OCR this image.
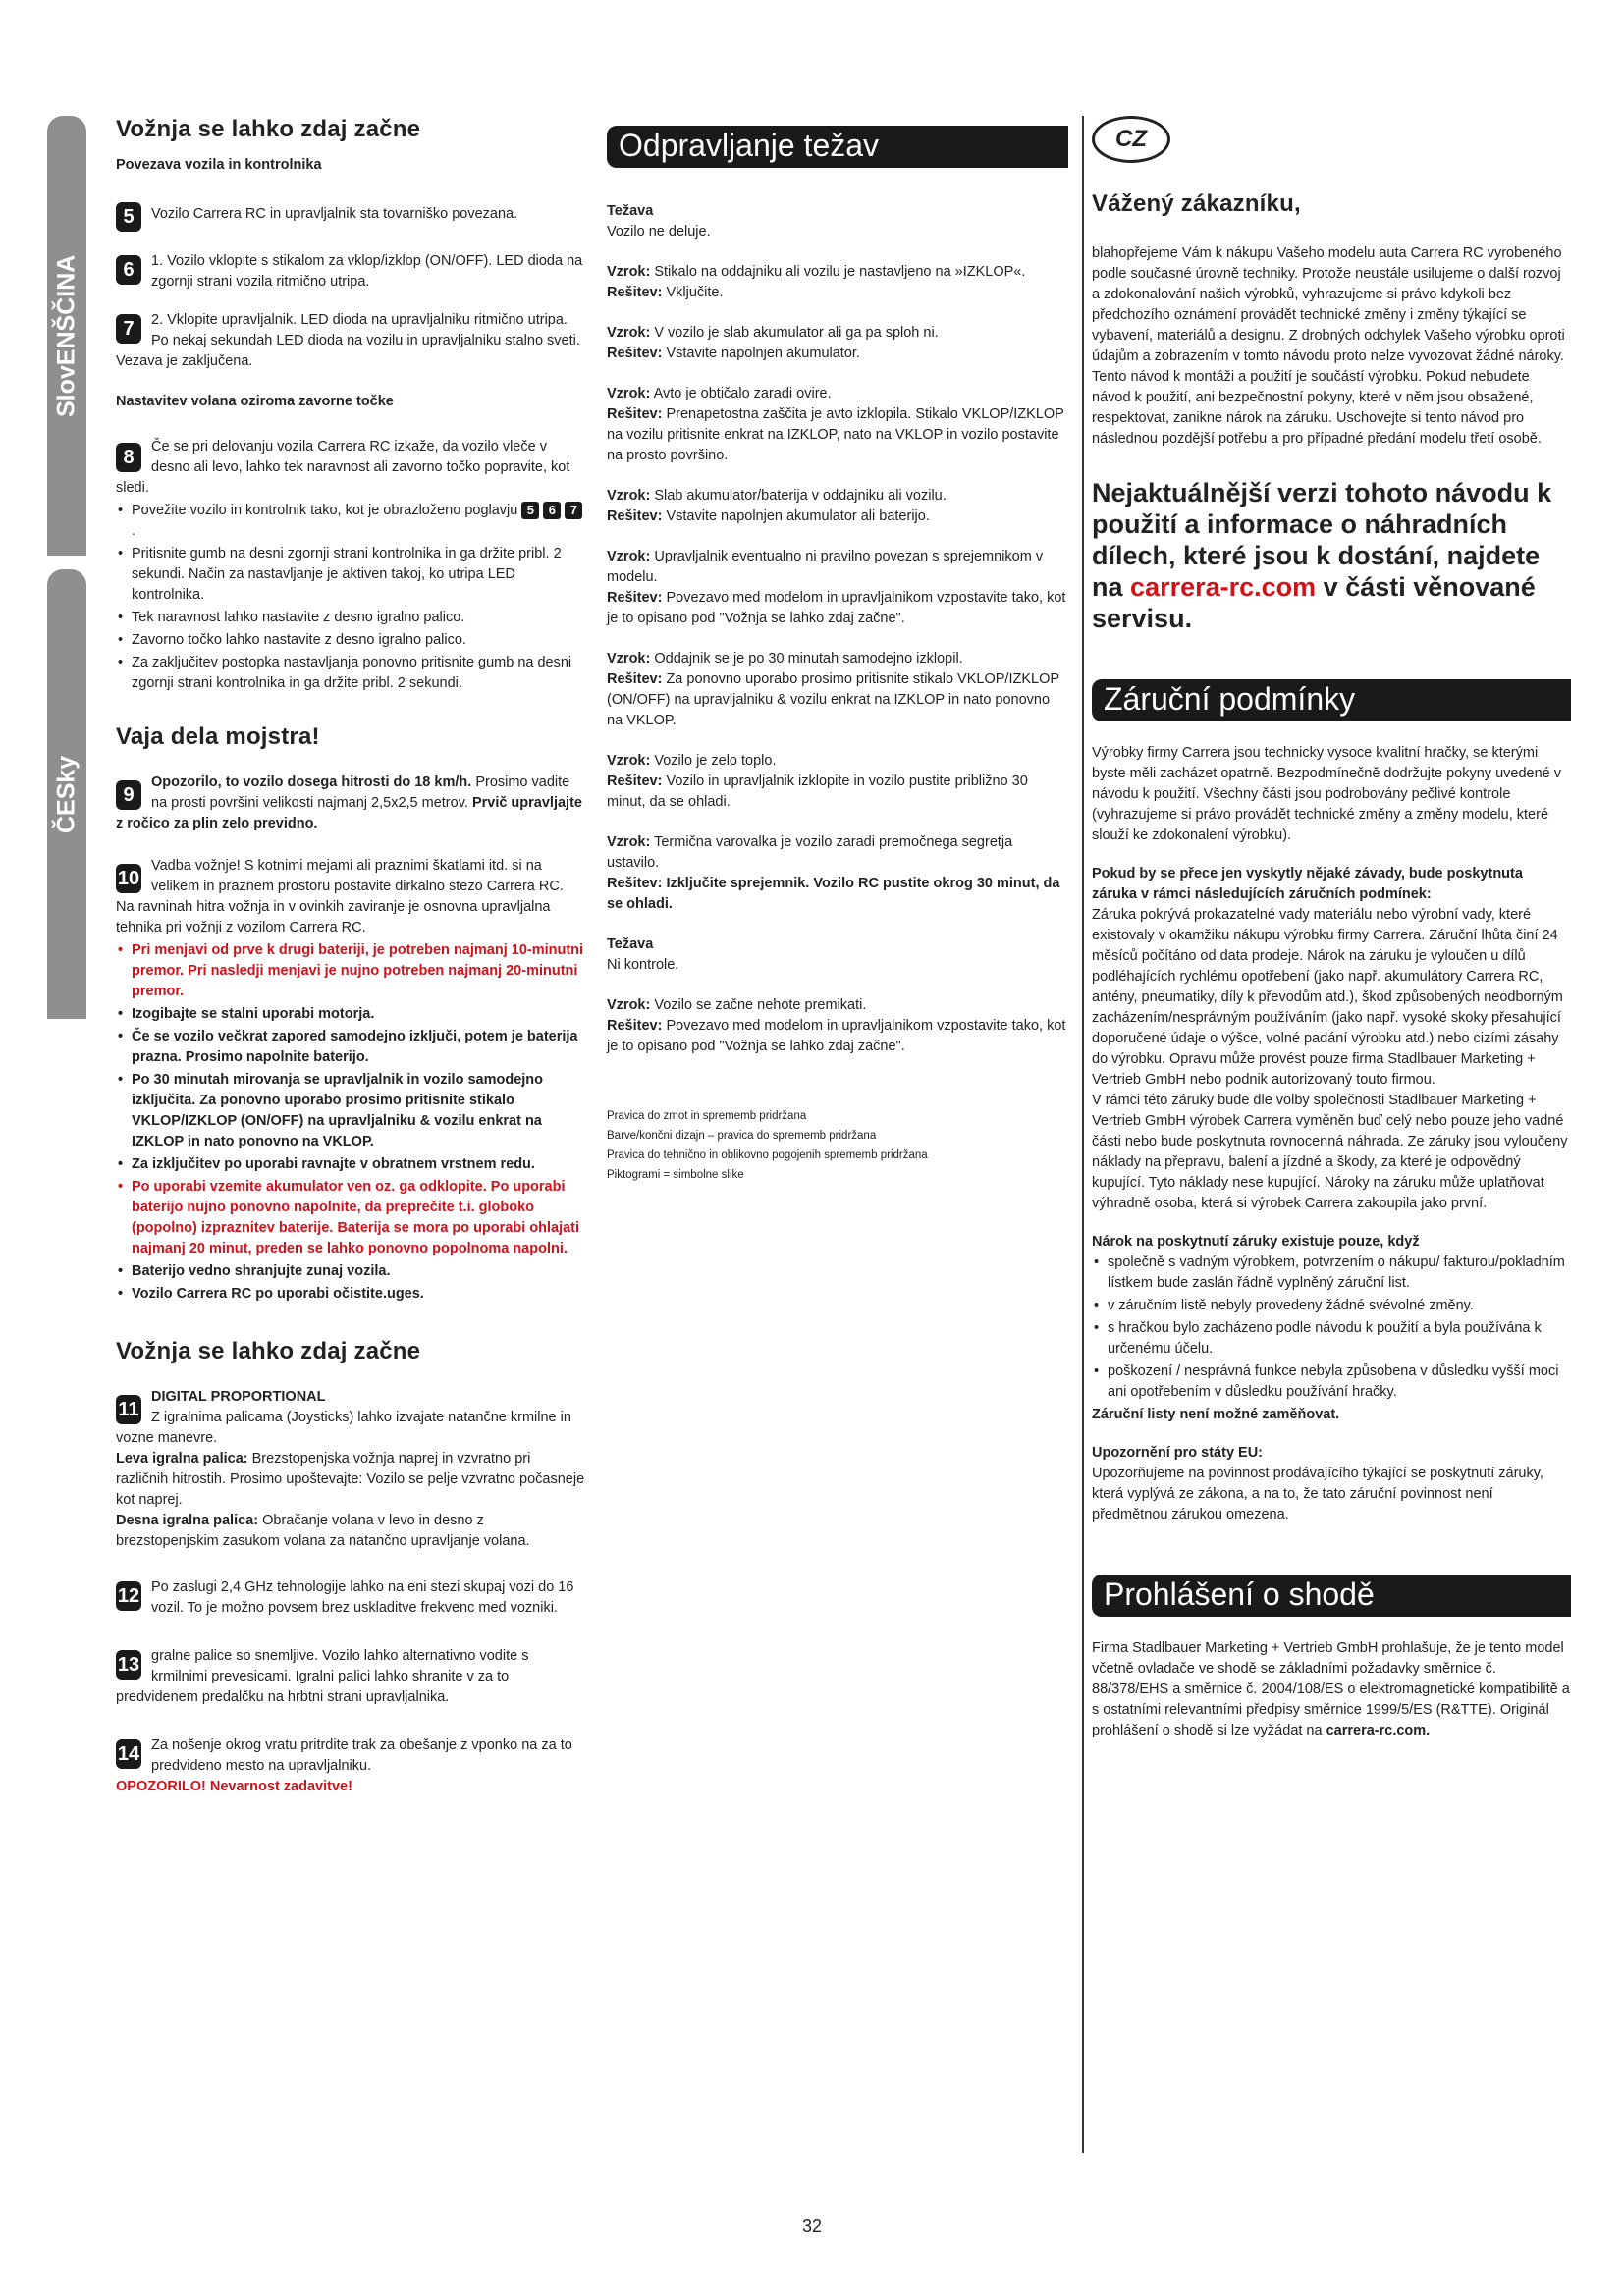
SlovENŠČINA
ČESky
Vožnja se lahko zdaj začne
Povezava vozila in kontrolnika
5	Vozilo Carrera RC in upravljalnik sta tovarniško povezana.

6	1. Vozilo vklopite s stikalom za vklop/izklop (ON/OFF). LED dioda na zgornji strani vozila ritmično utripa.

7	2. Vklopite upravljalnik. LED dioda na upravljalniku ritmično utripa.

Po nekaj sekundah LED dioda na vozilu in upravljalniku stalno sveti. Vezava je zaključena.

Nastavitev volana oziroma zavorne točke
8	Če se pri delovanju vozila Carrera RC izkaže, da vozilo vleče v desno ali levo, lahko tek naravnost ali zavorno točko popravite, kot sledi.

• Povežite vozilo in kontrolnik tako, kot je obrazloženo poglavju 5	6	7
.
• Pritisnite gumb na desni zgornji strani kontrolnika in ga držite pribl. 2 sekundi. Način za nastavljanje je aktiven takoj, ko utripa LED kontrolnika.
• Tek naravnost lahko nastavite z desno igralno palico.
• Zavorno točko lahko nastavite z desno igralno palico.
• Za zaključitev postopka nastavljanja ponovno pritisnite gumb na desni zgornji strani kontrolnika in ga držite pribl. 2 sekundi.
Vaja dela mojstra!
9

Opozorilo, to vozilo dosega hitrosti do 18 km/h. Prosimo vadite na prosti površini velikosti najmanj 2,5x2,5 metrov. Prvič upravljajte z ročico za plin zelo previdno.

10

Vadba vožnje! S kotnimi mejami ali praznimi škatlami itd. si na velikem in praznem prostoru postavite dirkalno stezo Carrera RC. Na ravninah hitra vožnja in v ovinkih zaviranje je osnovna upravljalna tehnika pri vožnji z vozilom Carrera RC.

• Pri menjavi od prve k drugi bateriji, je potreben najmanj 10-minutni premor. Pri nasledji menjavi je nujno potreben najmanj 20-minutni premor.
• Izogibajte se stalni uporabi motorja.
• Če se vozilo večkrat zapored samodejno izključi, potem je baterija prazna. Prosimo napolnite baterijo.
• Po 30 minutah mirovanja se upravljalnik in vozilo samodejno izključita. Za ponovno uporabo prosimo pritisnite stikalo VKLOP/IZKLOP (ON/OFF) na upravljalniku & vozilu enkrat na IZKLOP in nato ponovno na VKLOP.
• Za izključitev po uporabi ravnajte v obratnem vrstnem redu.
• Po uporabi vzemite akumulator ven oz. ga odklopite. Po uporabi baterijo nujno ponovno napolnite, da preprečite t.i. globoko (popolno) izpraznitev baterije. Baterija se mora po uporabi ohlajati najmanj 20 minut, preden se lahko ponovno popolnoma napolni.
• Baterijo vedno shranjujte zunaj vozila.
• Vozilo Carrera RC po uporabi očistite.uges.
Vožnja se lahko zdaj začne
11

DIGITAL PROPORTIONAL

Z igralnima palicama (Joysticks) lahko izvajate natančne krmilne in vozne manevre.

Leva igralna palica: Brezstopenjska vožnja naprej in vzvratno pri različnih hitrostih. Prosimo upoštevajte: Vozilo se pelje vzvratno počasneje kot naprej.

Desna igralna palica: Obračanje volana v levo in desno z brezstopenjskim zasukom volana za natančno upravljanje volana.

12 Po zaslugi 2,4 GHz tehnologije lahko na eni stezi skupaj vozi do 16 vozil. To je možno povsem brez uskladitve frekvenc med vozniki.

13 gralne palice so snemljive. Vozilo lahko alternativno vodite s krmilnimi prevesicami. Igralni palici lahko shranite v za to predvidenem predalčku na hrbtni strani upravljalnika.

14 Za nošenje okrog vratu pritrdite trak za obešanje z vponko na za to predvideno mesto na upravljalniku.

OPOZORILO! Nevarnost zadavitve!

Odpravljanje težav

Težava

Vozilo ne deluje.

Vzrok: Stikalo na oddajniku ali vozilu je nastavljeno na »IZKLOP«.

Rešitev: Vključite.

Vzrok: V vozilo je slab akumulator ali ga pa sploh ni.

Rešitev: Vstavite napolnjen akumulator.

Vzrok: Avto je obtičalo zaradi ovire.

Rešitev: Prenapetostna zaščita je avto izklopila. Stikalo VKLOP/IZKLOP na vozilu pritisnite enkrat na IZKLOP, nato na VKLOP in vozilo postavite na prosto površino.

Vzrok: Slab akumulator/baterija v oddajniku ali vozilu.

Rešitev: Vstavite napolnjen akumulator ali baterijo.

Vzrok: Upravljalnik eventualno ni pravilno povezan s sprejemnikom v modelu.

Rešitev: Povezavo med modelom in upravljalnikom vzpostavite tako, kot je to opisano pod "Vožnja se lahko zdaj začne".

Vzrok: Oddajnik se je po 30 minutah samodejno izklopil.

Rešitev: Za ponovno uporabo prosimo pritisnite stikalo VKLOP/IZKLOP (ON/OFF) na upravljalniku & vozilu enkrat na IZKLOP in nato ponovno na VKLOP.

Vzrok: Vozilo je zelo toplo.

Rešitev: Vozilo in upravljalnik izklopite in vozilo pustite približno 30 minut, da se ohladi.

Vzrok: Termična varovalka je vozilo zaradi premočnega segretja ustavilo.

Rešitev: Izključite sprejemnik. Vozilo RC pustite okrog 30 minut, da se ohladi.

Težava

Ni kontrole.

Vzrok: Vozilo se začne nehote premikati.

Rešitev: Povezavo med modelom in upravljalnikom vzpostavite tako, kot je to opisano pod "Vožnja se lahko zdaj začne".

Pravica do zmot in sprememb pridržana

Barve/končni dizajn – pravica do sprememb pridržana

Pravica do tehnično in oblikovno pogojenih sprememb pridržana

Piktogrami = simbolne slike

CZ
Vážený zákazníku,

blahopřejeme Vám k nákupu Vašeho modelu auta Carrera RC vyrobeného podle současné úrovně techniky. Protože neustále usilujeme o další rozvoj a zdokonalování našich výrobků, vyhrazujeme si právo kdykoli bez předchozího oznámení provádět technické změny i změny týkající se vybavení, materiálů a designu. Z drobných odchylek Vašeho výrobku oproti údajům a zobrazením v tomto návodu proto nelze vyvozovat žádné nároky. Tento návod k montáži a použití je součástí výrobku. Pokud nebudete návod k použití, ani bezpečnostní pokyny, které v něm jsou obsažené, respektovat, zanikne nárok na záruku. Uschovejte si tento návod pro následnou pozdější potřebu a pro případné předání modelu třetí osobě.

Nejaktuálnější verzi tohoto návodu k použití a informace o náhradních dílech, které jsou k dostání, najdete na carrera-rc.com v části věnované servisu.
Záruční podmínky

Výrobky firmy Carrera jsou technicky vysoce kvalitní hračky, se kterými byste měli zacházet opatrně. Bezpodmínečně dodržujte pokyny uvedené v návodu k použití. Všechny části jsou podrobovány pečlivé kontrole (vyhrazujeme si právo provádět technické změny a změny modelu, které slouží ke zdokonalení výrobku).

Pokud by se přece jen vyskytly nějaké závady, bude poskytnuta záruka v rámci následujících záručních podmínek:

Záruka pokrývá prokazatelné vady materiálu nebo výrobní vady, které existovaly v okamžiku nákupu výrobku firmy Carrera. Záruční lhůta činí 24 měsíců počítáno od data prodeje. Nárok na záruku je vyloučen u dílů podléhajících rychlému opotřebení (jako např. akumulátory Carrera RC, antény, pneumatiky, díly k převodům atd.), škod způsobených neodborným zacházením/nesprávným používáním (jako např. vysoké skoky přesahující doporučené údaje o výšce, volné padání výrobku atd.) nebo cizími zásahy do výrobku. Opravu může provést pouze firma Stadlbauer Marketing + Vertrieb GmbH nebo podnik autorizovaný touto firmou.

V rámci této záruky bude dle volby společnosti Stadlbauer Marketing + Vertrieb GmbH výrobek Carrera vyměněn buď celý nebo pouze jeho vadné části nebo bude poskytnuta rovnocenná náhrada. Ze záruky jsou vyloučeny náklady na přepravu, balení a jízdné a škody, za které je odpovědný kupující. Tyto náklady nese kupující. Nároky na záruku může uplatňovat výhradně osoba, která si výrobek Carrera zakoupila jako první.

Nárok na poskytnutí záruky existuje pouze, když

• společně s vadným výrobkem, potvrzením o nákupu/ fakturou/pokladním lístkem bude zaslán řádně vyplněný záruční list.
• v záručním listě nebyly provedeny žádné svévolné změny.
• s hračkou bylo zacházeno podle návodu k použití a byla používána k určenému účelu.
• poškození / nesprávná funkce nebyla způsobena v důsledku vyšší moci ani opotřebením v důsledku používání hračky.

Záruční listy není možné zaměňovat.

Upozornění pro státy EU:

Upozorňujeme na povinnost prodávajícího týkající se poskytnutí záruky, která vyplývá ze zákona, a na to, že tato záruční povinnost není předmětnou zárukou omezena.

Prohlášení o shodě

Firma Stadlbauer Marketing + Vertrieb GmbH prohlašuje, že je tento model včetně ovladače ve shodě se základními požadavky směrnice č. 88/378/EHS a směrnice č. 2004/108/ES o elektromagnetické kompatibilitě a s ostatními relevantními předpisy směrnice 1999/5/ES (R&TTE). Originál prohlášení o shodě si lze vyžádat na carrera-rc.com.

32
